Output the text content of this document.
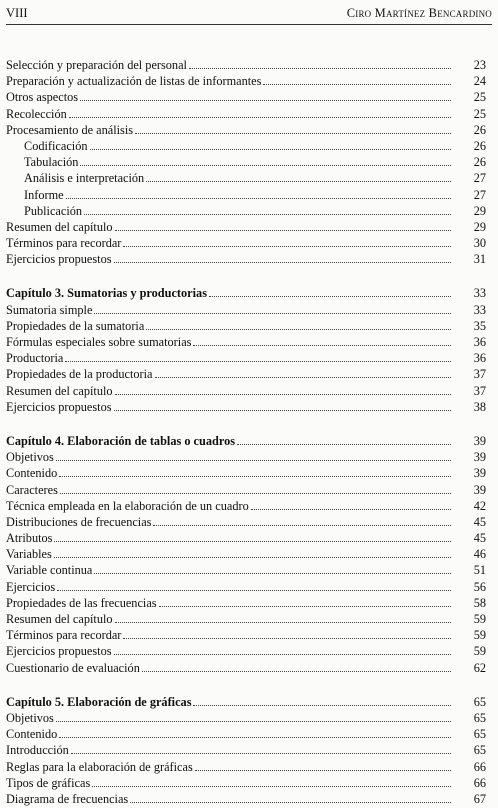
VIII	Ciro Martínez Bencardino
Selección y preparación del personal	23
Preparación y actualización de listas de informantes	24
Otros aspectos	25
Recolección	25
Procesamiento de análisis	26
Codificación	26
Tabulación	26
Análisis e interpretación	27
Informe	27
Publicación	29
Resumen del capítulo	29
Términos para recordar	30
Ejercicios propuestos	31
Capítulo 3. Sumatorias y productorias	33
Sumatoria simple	33
Propiedades de la sumatoria	35
Fórmulas especiales sobre sumatorias	36
Productoria	36
Propiedades de la productoria	37
Resumen del capítulo	37
Ejercicios propuestos	38
Capítulo 4. Elaboración de tablas o cuadros	39
Objetivos	39
Contenido	39
Caracteres	39
Técnica empleada en la elaboración de un cuadro	42
Distribuciones de frecuencias	45
Atributos	45
Variables	46
Variable continua	51
Ejercicios	56
Propiedades de las frecuencias	58
Resumen del capítulo	59
Términos para recordar	59
Ejercicios propuestos	59
Cuestionario de evaluación	62
Capítulo 5. Elaboración de gráficas	65
Objetivos	65
Contenido	65
Introducción	65
Reglas para la elaboración de gráficas	66
Tipos de gráficas	66
Diagrama de frecuencias	67
